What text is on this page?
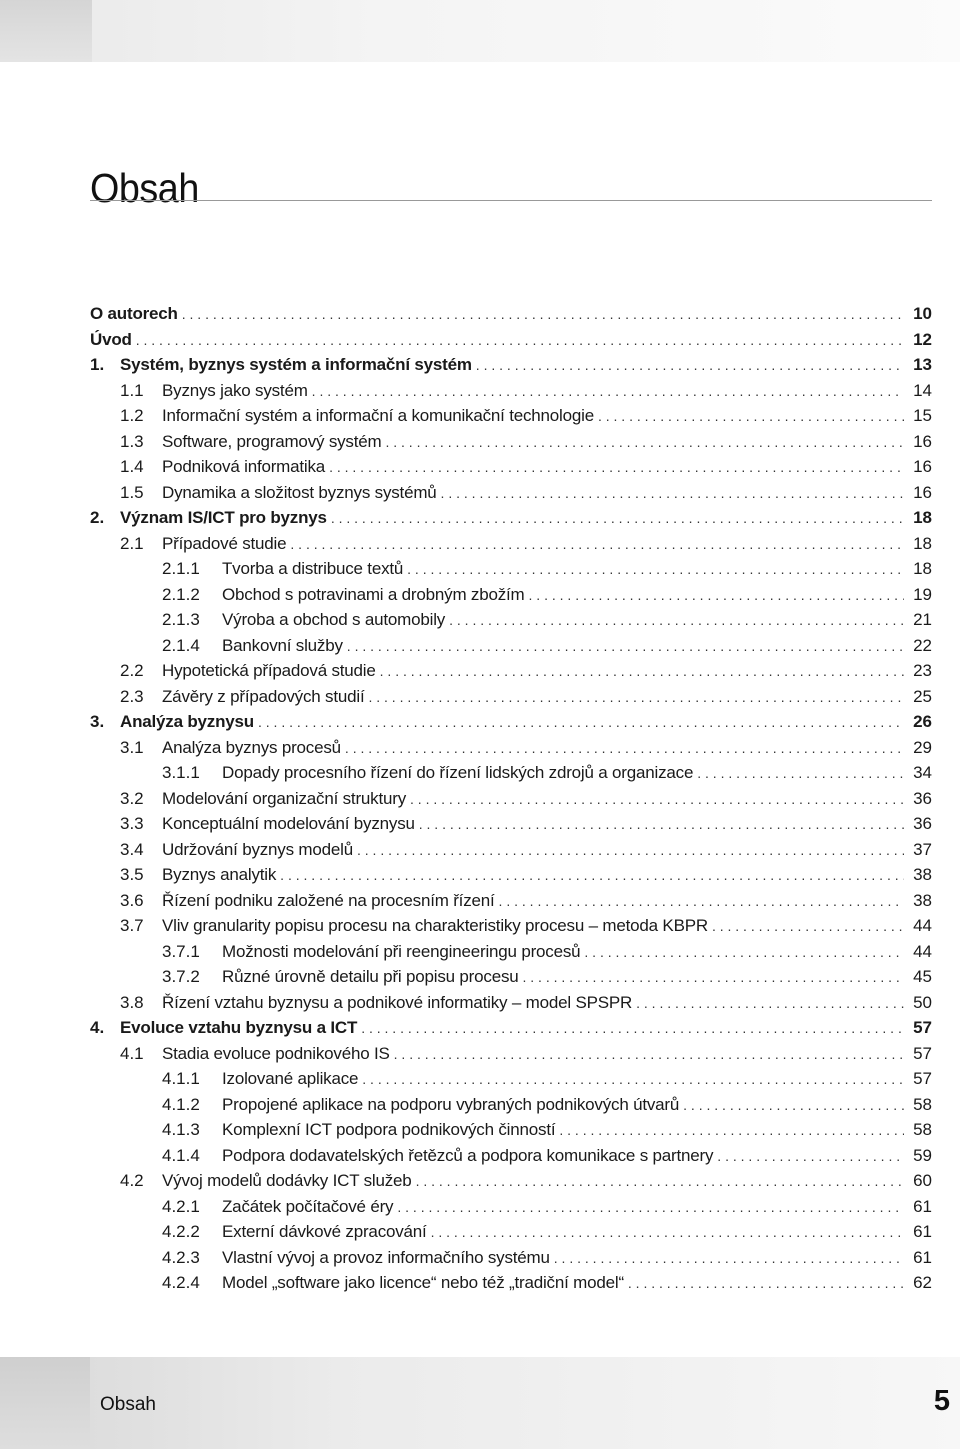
Obsah
O autorech . . .	10
Úvod . . .	12
1. Systém, byznys systém a informační systém . . .	13
1.1	Byznys jako systém . . .	14
1.2	Informační systém a informační a komunikační technologie . . .	15
1.3	Software, programový systém . . .	16
1.4	Podniková informatika . . .	16
1.5	Dynamika a složitost byznys systémů . . .	16
2. Význam IS/ICT pro byznys . . .	18
2.1	Případové studie . . .	18
2.1.1	Tvorba a distribuce textů . . .	18
2.1.2	Obchod s potravinami a drobným zbožím . . .	19
2.1.3	Výroba a obchod s automobily . . .	21
2.1.4	Bankovní služby . . .	22
2.2	Hypotetická případová studie . . .	23
2.3	Závěry z případových studií . . .	25
3. Analýza byznysu . . .	26
3.1	Analýza byznys procesů . . .	29
3.1.1	Dopady procesního řízení do řízení lidských zdrojů a organizace . . .	34
3.2	Modelování organizační struktury . . .	36
3.3	Konceptuální modelování byznysu . . .	36
3.4	Udržování byznys modelů . . .	37
3.5	Byznys analytik . . .	38
3.6	Řízení podniku založené na procesním řízení . . .	38
3.7	Vliv granularity popisu procesu na charakteristiky procesu – metoda KBPR . . .	44
3.7.1	Možnosti modelování při reengineeringu procesů . . .	44
3.7.2	Různé úrovně detailu při popisu procesu . . .	45
3.8	Řízení vztahu byznysu a podnikové informatiky – model SPSPR . . .	50
4. Evoluce vztahu byznysu a ICT . . .	57
4.1	Stadia evoluce podnikového IS . . .	57
4.1.1	Izolované aplikace . . .	57
4.1.2	Propojené aplikace na podporu vybraných podnikových útvarů . . .	58
4.1.3	Komplexní ICT podpora podnikových činností . . .	58
4.1.4	Podpora dodavatelských řetězců a podpora komunikace s partnery . . .	59
4.2	Vývoj modelů dodávky ICT služeb . . .	60
4.2.1	Začátek počítačové éry . . .	61
4.2.2	Externí dávkové zpracování . . .	61
4.2.3	Vlastní vývoj a provoz informačního systému . . .	61
4.2.4	Model „software jako licence“ nebo též „tradiční model“ . . .	62
Obsah	5
